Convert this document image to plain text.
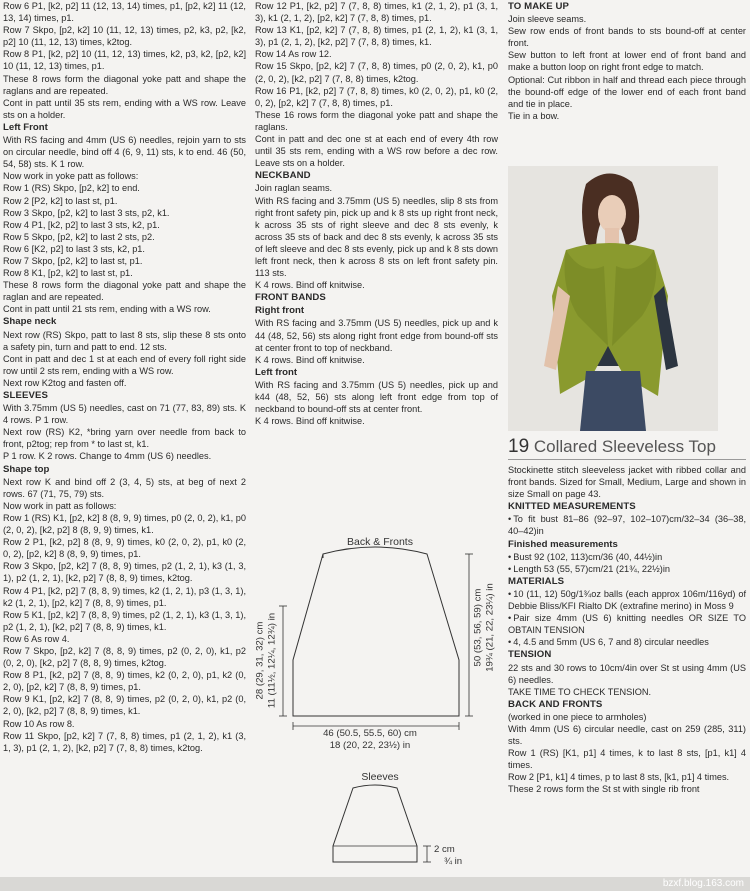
Row 6 P1, [k2, p2] 11 (12, 13, 14) times, p1, [p2, k2] 11 (12, 13, 14) times, p1.
Row 7 Skpo, [p2, k2] 10 (11, 12, 13) times, p2, k3, p2, [k2, p2] 10 (11, 12, 13) times, k2tog.
Row 8 P1, [k2, p2] 10 (11, 12, 13) times, k2, p3, k2, [p2, k2] 10 (11, 12, 13) times, p1.
These 8 rows form the diagonal yoke patt and shape the raglans and are repeated.
Cont in patt until 35 sts rem, ending with a WS row. Leave sts on a holder.
Left Front
With RS facing and 4mm (US 6) needles, rejoin yarn to sts on circular needle, bind off 4 (6, 9, 11) sts, k to end. 46 (50, 54, 58) sts. K 1 row.
Now work in yoke patt as follows:
Row 1 (RS) Skpo, [p2, k2] to end.
Row 2 [P2, k2] to last st, p1.
Row 3 Skpo, [p2, k2] to last 3 sts, p2, k1.
Row 4 P1, [k2, p2] to last 3 sts, k2, p1.
Row 5 Skpo, [p2, k2] to last 2 sts, p2.
Row 6 [K2, p2] to last 3 sts, k2, p1.
Row 7 Skpo, [p2, k2] to last st, p1.
Row 8 K1, [p2, k2] to last st, p1.
These 8 rows form the diagonal yoke patt and shape the raglan and are repeated.
Cont in patt until 21 sts rem, ending with a WS row.
Shape neck
Next row (RS) Skpo, patt to last 8 sts, slip these 8 sts onto a safety pin, turn and patt to end. 12 sts.
Cont in patt and dec 1 st at each end of every foll right side row until 2 sts rem, ending with a WS row.
Next row K2tog and fasten off.
SLEEVES
With 3.75mm (US 5) needles, cast on 71 (77, 83, 89) sts. K 4 rows. P 1 row.
Next row (RS) K2, *bring yarn over needle from back to front, p2tog; rep from * to last st, k1.
P 1 row. K 2 rows. Change to 4mm (US 6) needles.
Shape top
Next row K and bind off 2 (3, 4, 5) sts, at beg of next 2 rows. 67 (71, 75, 79) sts.
Now work in patt as follows:
Row 1 (RS) K1, [p2, k2] 8 (8, 9, 9) times, p0 (2, 0, 2), k1, p0 (2, 0, 2), [k2, p2] 8 (8, 9, 9) times, k1.
Row 2 P1, [k2, p2] 8 (8, 9, 9) times, k0 (2, 0, 2), p1, k0 (2, 0, 2), [p2, k2] 8 (8, 9, 9) times, p1.
Row 3 Skpo, [p2, k2] 7 (8, 8, 9) times, p2 (1, 2, 1), k3 (1, 3, 1), p2 (1, 2, 1), [k2, p2] 7 (8, 8, 9) times, k2tog.
Row 4 P1, [k2, p2] 7 (8, 8, 9) times, k2 (1, 2, 1), p3 (1, 3, 1), k2 (1, 2, 1), [p2, k2] 7 (8, 8, 9) times, p1.
Row 5 K1, [p2, k2] 7 (8, 8, 9) times, p2 (1, 2, 1), k3 (1, 3, 1), p2 (1, 2, 1), [k2, p2] 7 (8, 8, 9) times, k1.
Row 6 As row 4.
Row 7 Skpo, [p2, k2] 7 (8, 8, 9) times, p2 (0, 2, 0), k1, p2 (0, 2, 0), [k2, p2] 7 (8, 8, 9) times, k2tog.
Row 8 P1, [k2, p2] 7 (8, 8, 9) times, k2 (0, 2, 0), p1, k2 (0, 2, 0), [p2, k2] 7 (8, 8, 9) times, p1.
Row 9 K1, [p2, k2] 7 (8, 8, 9) times, p2 (0, 2, 0), k1, p2 (0, 2, 0), [k2, p2] 7 (8, 8, 9) times, k1.
Row 10 As row 8.
Row 11 Skpo, [p2, k2] 7 (7, 8, 8) times, p1 (2, 1, 2), k1 (3, 1, 3), p1 (2, 1, 2), [k2, p2] 7 (7, 8, 8) times, k2tog.
Row 12 P1, [k2, p2] 7 (7, 8, 8) times, k1 (2, 1, 2), p1 (3, 1, 3), k1 (2, 1, 2), [p2, k2] 7 (7, 8, 8) times, p1.
Row 13 K1, [p2, k2] 7 (7, 8, 8) times, p1 (2, 1, 2), k1 (3, 1, 3), p1 (2, 1, 2), [k2, p2] 7 (7, 8, 8) times, k1.
Row 14 As row 12.
Row 15 Skpo, [p2, k2] 7 (7, 8, 8) times, p0 (2, 0, 2), k1, p0 (2, 0, 2), [k2, p2] 7 (7, 8, 8) times, k2tog.
Row 16 P1, [k2, p2] 7 (7, 8, 8) times, k0 (2, 0, 2), p1, k0 (2, 0, 2), [p2, k2] 7 (7, 8, 8) times, p1.
These 16 rows form the diagonal yoke patt and shape the raglans.
Cont in patt and dec one st at each end of every 4th row until 35 sts rem, ending with a WS row before a dec row. Leave sts on a holder.
NECKBAND
Join raglan seams.
With RS facing and 3.75mm (US 5) needles, slip 8 sts from right front safety pin, pick up and k 8 sts up right front neck, k across 35 sts of right sleeve and dec 8 sts evenly, k across 35 sts of back and dec 8 sts evenly, k across 35 sts of left sleeve and dec 8 sts evenly, pick up and k 8 sts down left front neck, then k across 8 sts on left front safety pin. 113 sts.
K 4 rows. Bind off knitwise.
FRONT BANDS
Right front
With RS facing and 3.75mm (US 5) needles, pick up and k 44 (48, 52, 56) sts along right front edge from bound-off sts at center front to top of neckband.
K 4 rows. Bind off knitwise.
Left front
With RS facing and 3.75mm (US 5) needles, pick up and k44 (48, 52, 56) sts along left front edge from top of neckband to bound-off sts at center front.
K 4 rows. Bind off knitwise.
TO MAKE UP
Join sleeve seams.
Sew row ends of front bands to sts bound-off at center front.
Sew button to left front at lower end of front band and make a button loop on right front edge to match.
Optional: Cut ribbon in half and thread each piece through the bound-off edge of the lower end of each front band and tie in place.
Tie in a bow.
19 Collared Sleeveless Top
Stockinette stitch sleeveless jacket with ribbed collar and front bands. Sized for Small, Medium, Large and shown in size Small on page 43.
KNITTED MEASUREMENTS
• To fit bust 81–86 (92–97, 102–107)cm/32–34 (36–38, 40–42)in
Finished measurements
• Bust 92 (102, 113)cm/36 (40, 44½)in
• Length 53 (55, 57)cm/21 (21¾, 22½)in
MATERIALS
• 10 (11, 12) 50g/1¾oz balls (each approx 106m/116yd) of Debbie Bliss/KFI Rialto DK (extrafine merino) in Moss 9
• Pair size 4mm (US 6) knitting needles OR SIZE TO OBTAIN TENSION
• 4, 4.5 and 5mm (US 6, 7 and 8) circular needles
TENSION
22 sts and 30 rows to 10cm/4in over St st using 4mm (US 6) needles.
TAKE TIME TO CHECK TENSION.
BACK AND FRONTS
(worked in one piece to armholes)
With 4mm (US 6) circular needle, cast on 259 (285, 311) sts.
Row 1 (RS) [K1, p1] 4 times, k to last 8 sts, [p1, k1] 4 times.
Row 2 [P1, k1] 4 times, p to last 8 sts, [k1, p1] 4 times.
These 2 rows form the St st with single rib front
Back & Fronts
46 (50.5, 55.5, 60) cm
18 (20, 22, 23½) in
28 (29, 31, 32) cm 11 (11½, 12¼, 12¾) in	50 (53, 56, 59) cm 19¾ (21, 22, 23¼) in
Sleeves
2 cm
¾ in
bzxf.blog.163.com
